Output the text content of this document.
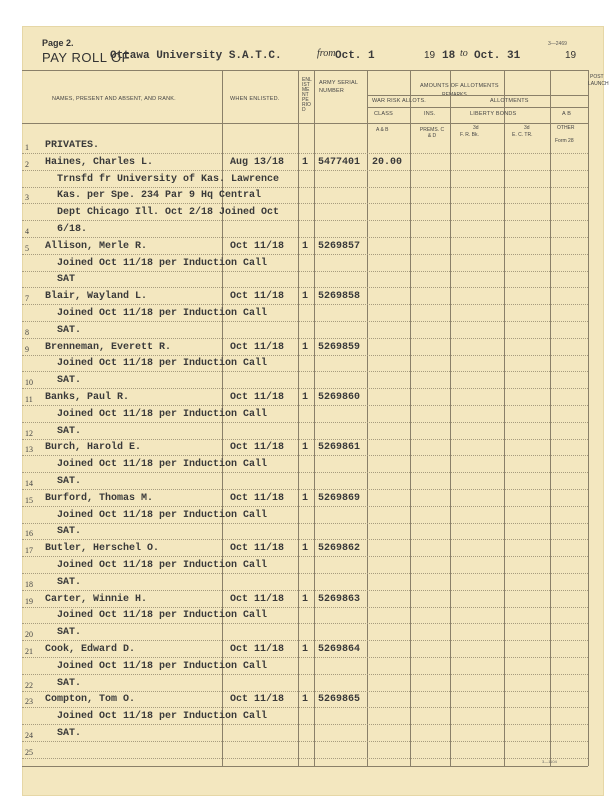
Page 2.
PAY ROLL OF
Ottawa University S.A.T.C.	from Oct. 1	19 18 to Oct. 31	19
3—2469
NAMES, PRESENT AND ABSENT, AND RANK.	WHEN ENLISTED.
ENLISTMENT PERIOD
ARMY SERIAL NUMBER
AMOUNTS OF ALLOTMENTS
REMARKS.
WAR RISK ALLOTS.	ALLOTMENTS
CLASS	INS.	LIBERTY BONDS	A B
A & B	PREMS. C & D
3d
F. R. Bk.
3d
E. C. TR.
OTHER
Form 28
POST
LAUNCH
1 PRIVATES.
2 Haines, Charles L.	Aug 13/18 1 5477401 20.00
Trnsfd fr University of Kas. Lawrence
3 Kas. per Spe. 234 Par 9 Hq Central
Dept Chicago Ill. Oct 2/18 Joined Oct
4 6/18.
5 Allison, Merle R.	Oct 11/18 1 5269857
Joined Oct 11/18 per Induction Call
SAT
7 Blair, Wayland L.	Oct 11/18 1 5269858
Joined Oct 11/18 per Induction Call
8 SAT.
9 Brenneman, Everett R.	Oct 11/18 1 5269859
Joined Oct 11/18 per Induction Call
10 SAT.
11 Banks, Paul R.	Oct 11/18 1 5269860
Joined Oct 11/18 per Induction Call
12 SAT.
13 Burch, Harold E.	Oct 11/18 1 5269861
Joined Oct 11/18 per Induction Call
14 SAT.
15 Burford, Thomas M.	Oct 11/18 1 5269869
Joined Oct 11/18 per Induction Call
16 SAT.
17 Butler, Herschel O.	Oct 11/18 1 5269862
Joined Oct 11/18 per Induction Call
18 SAT.
19 Carter, Winnie H.	Oct 11/18 1 5269863
Joined Oct 11/18 per Induction Call
20 SAT.
21 Cook, Edward D.	Oct 11/18 1 5269864
Joined Oct 11/18 per Induction Call
22 SAT.
23 Compton, Tom O.	Oct 11/18 1 5269865
Joined Oct 11/18 per Induction Call
24 SAT.
25
3—1104
